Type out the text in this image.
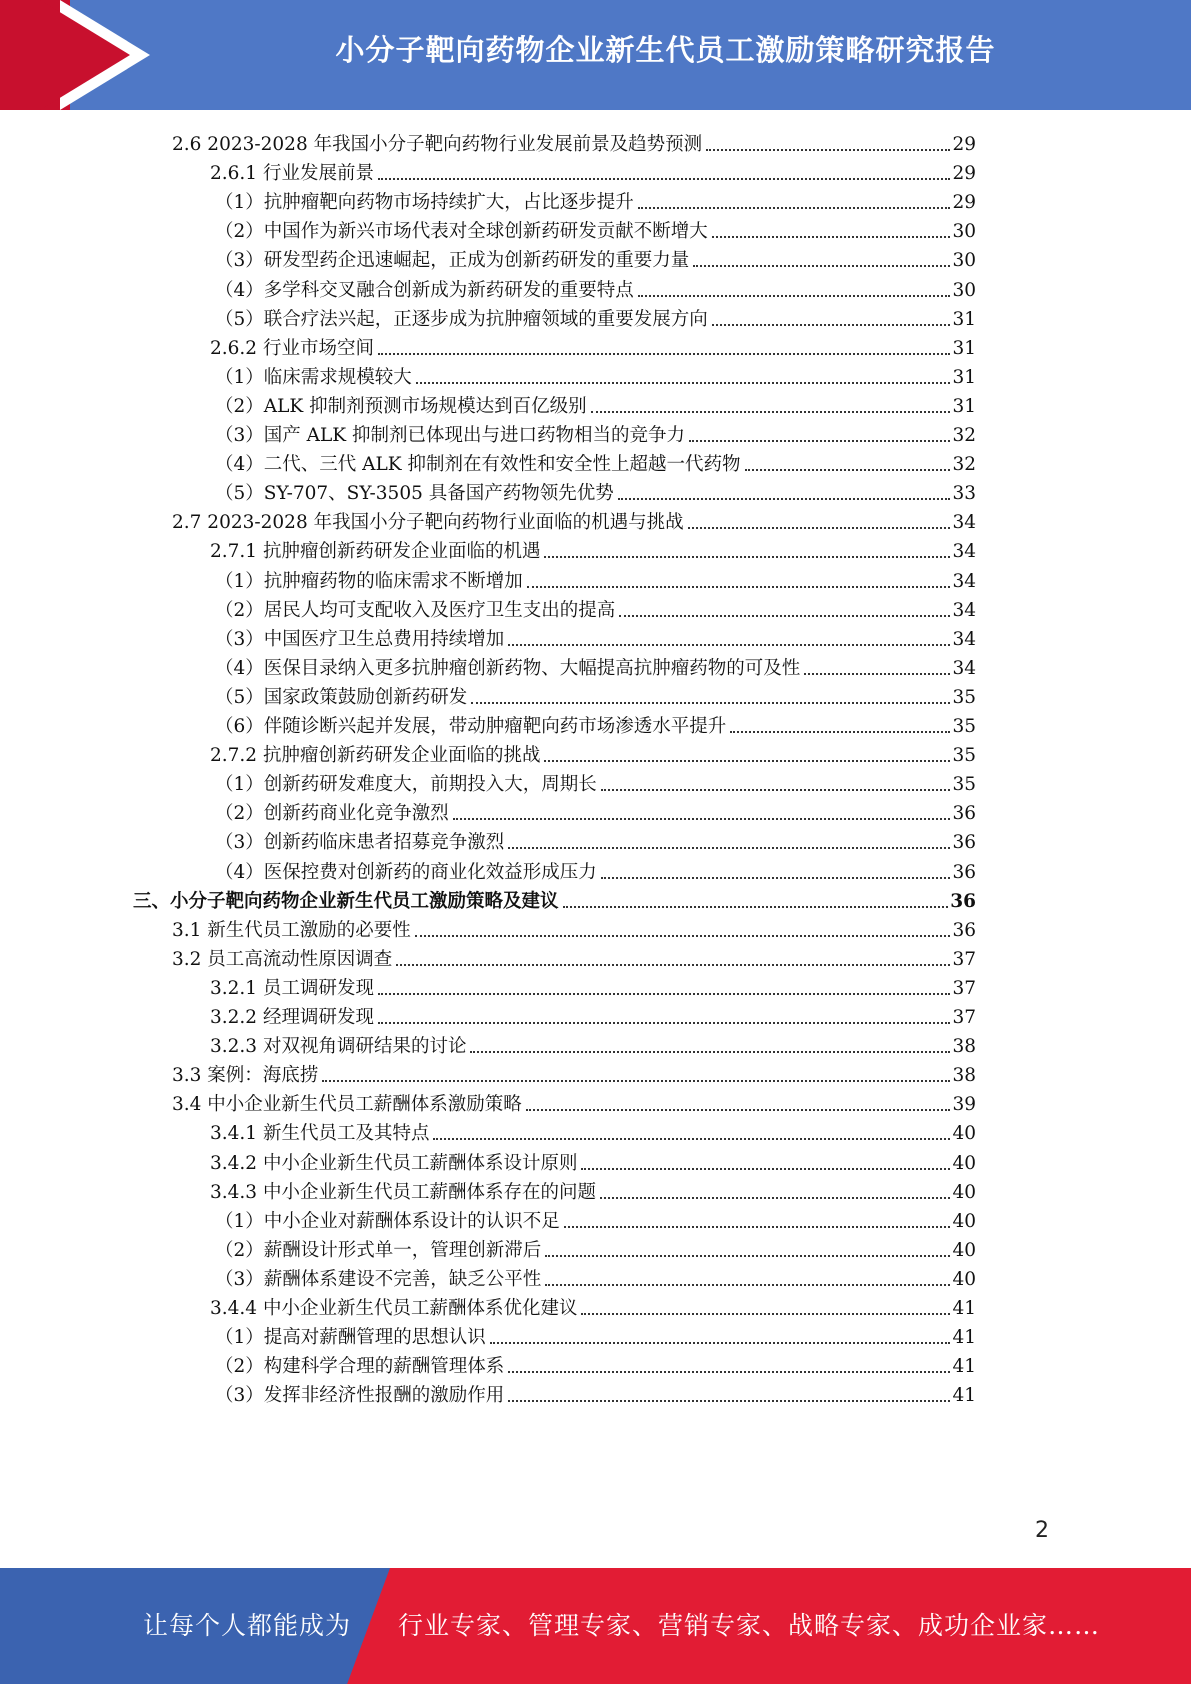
小分子靶向药物企业新生代员工激励策略研究报告
2.6 2023-2028 年我国小分子靶向药物行业发展前景及趋势预测	29
2.6.1 行业发展前景	29
（1）抗肿瘤靶向药物市场持续扩大，占比逐步提升	29
（2）中国作为新兴市场代表对全球创新药研发贡献不断增大	30
（3）研发型药企迅速崛起，正成为创新药研发的重要力量	30
（4）多学科交叉融合创新成为新药研发的重要特点	30
（5）联合疗法兴起，正逐步成为抗肿瘤领域的重要发展方向	31
2.6.2 行业市场空间	31
（1）临床需求规模较大	31
（2）ALK 抑制剂预测市场规模达到百亿级别	31
（3）国产 ALK 抑制剂已体现出与进口药物相当的竞争力	32
（4）二代、三代 ALK 抑制剂在有效性和安全性上超越一代药物	32
（5）SY-707、SY-3505 具备国产药物领先优势	33
2.7 2023-2028 年我国小分子靶向药物行业面临的机遇与挑战	34
2.7.1 抗肿瘤创新药研发企业面临的机遇	34
（1）抗肿瘤药物的临床需求不断增加	34
（2）居民人均可支配收入及医疗卫生支出的提高	34
（3）中国医疗卫生总费用持续增加	34
（4）医保目录纳入更多抗肿瘤创新药物、大幅提高抗肿瘤药物的可及性	34
（5）国家政策鼓励创新药研发	35
（6）伴随诊断兴起并发展，带动肿瘤靶向药市场渗透水平提升	35
2.7.2 抗肿瘤创新药研发企业面临的挑战	35
（1）创新药研发难度大，前期投入大，周期长	35
（2）创新药商业化竞争激烈	36
（3）创新药临床患者招募竞争激烈	36
（4）医保控费对创新药的商业化效益形成压力	36
三、小分子靶向药物企业新生代员工激励策略及建议	36
3.1 新生代员工激励的必要性	36
3.2 员工高流动性原因调查	37
3.2.1 员工调研发现	37
3.2.2 经理调研发现	37
3.2.3 对双视角调研结果的讨论	38
3.3 案例：海底捞	38
3.4 中小企业新生代员工薪酬体系激励策略	39
3.4.1 新生代员工及其特点	40
3.4.2 中小企业新生代员工薪酬体系设计原则	40
3.4.3 中小企业新生代员工薪酬体系存在的问题	40
（1）中小企业对薪酬体系设计的认识不足	40
（2）薪酬设计形式单一，管理创新滞后	40
（3）薪酬体系建设不完善，缺乏公平性	40
3.4.4 中小企业新生代员工薪酬体系优化建议	41
（1）提高对薪酬管理的思想认识	41
（2）构建科学合理的薪酬管理体系	41
（3）发挥非经济性报酬的激励作用	41
2
让每个人都能成为 行业专家、管理专家、营销专家、战略专家、成功企业家……
